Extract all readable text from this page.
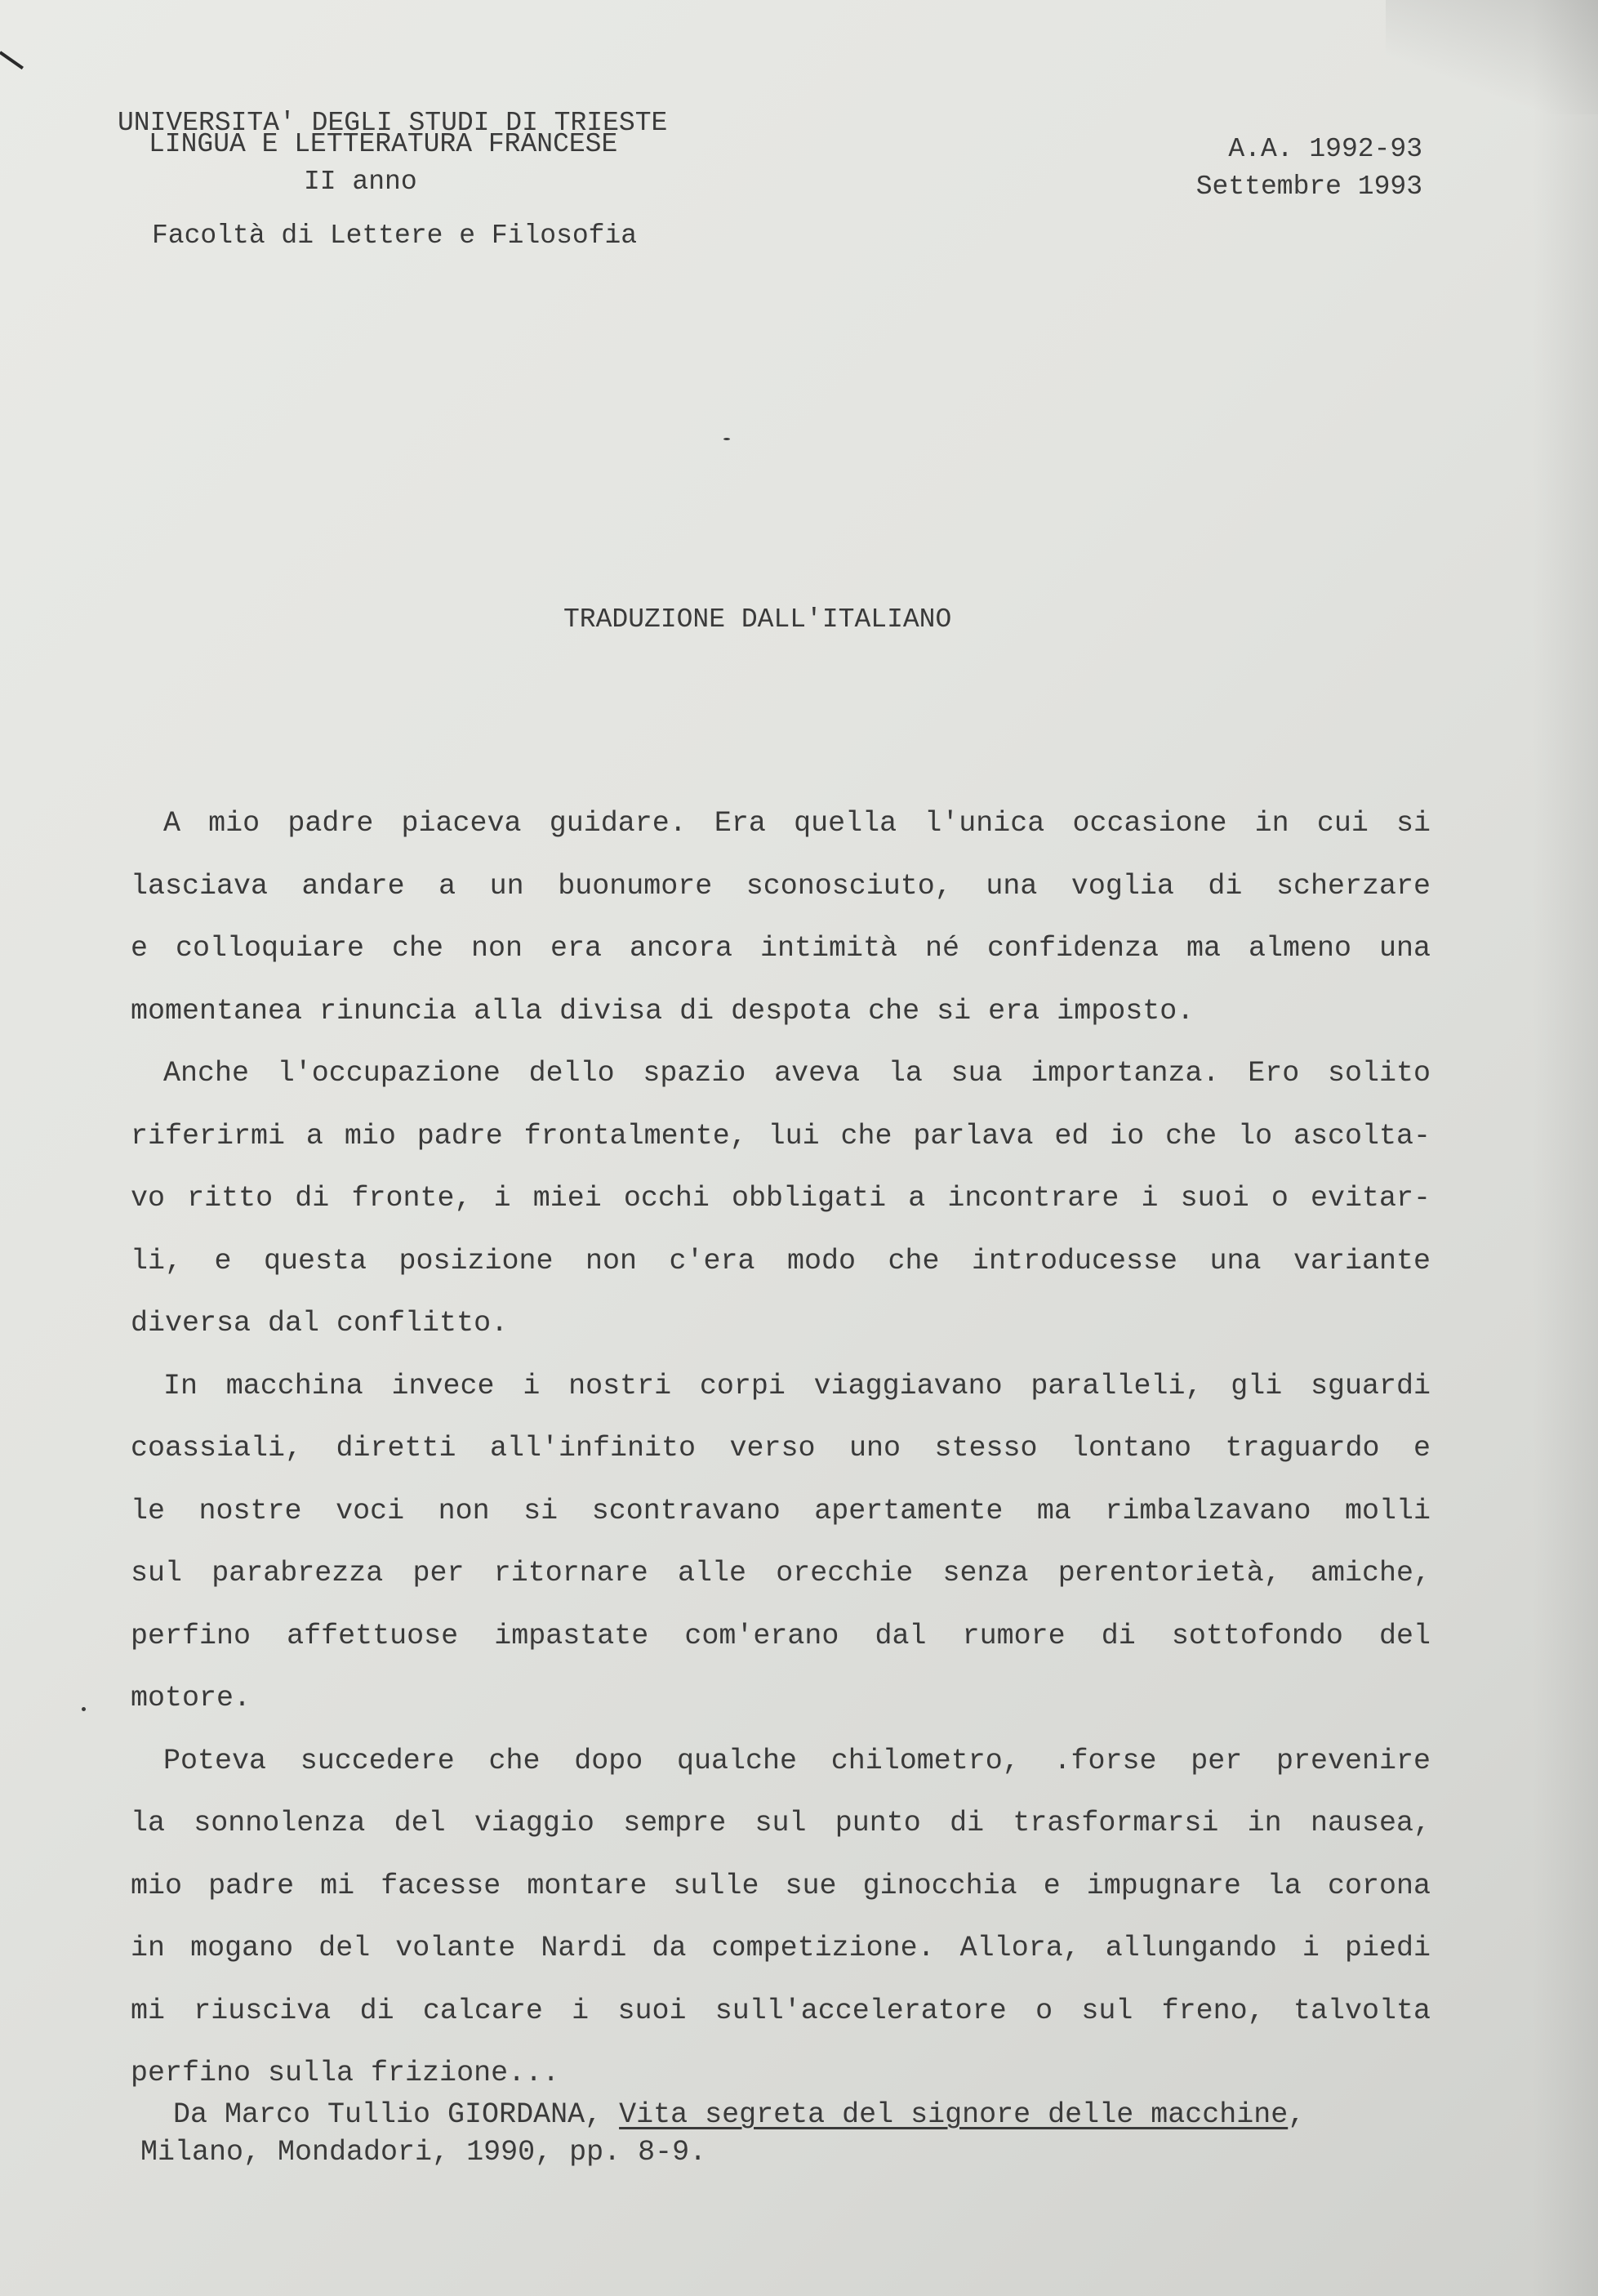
UNIVERSITA' DEGLI STUDI DI TRIESTE

Facoltà di Lettere e Filosofia

LINGUA E LETTERATURA FRANCESE
II anno
A.A. 1992-93
Settembre 1993
TRADUZIONE DALL'ITALIANO
A mio padre piaceva guidare. Era quella l'unica occasione in cui si
lasciava andare a un buonumore sconosciuto, una voglia di scherzare
e colloquiare che non era ancora intimità né confidenza ma almeno una
momentanea rinuncia alla divisa di despota che si era imposto.
Anche l'occupazione dello spazio aveva la sua importanza. Ero solito
riferirmi a mio padre frontalmente, lui che parlava ed io che lo ascolta-
vo ritto di fronte, i miei occhi obbligati a incontrare i suoi o evitar-
li, e questa posizione non c'era modo che introducesse una variante
diversa dal conflitto.
In macchina invece i nostri corpi viaggiavano paralleli, gli sguardi
coassiali, diretti all'infinito verso uno stesso lontano traguardo e
le nostre voci non si scontravano apertamente ma rimbalzavano molli
sul parabrezza per ritornare alle orecchie senza perentorietà, amiche,
perfino affettuose impastate com'erano dal rumore di sottofondo del
motore.
Poteva succedere che dopo qualche chilometro, .forse per prevenire
la sonnolenza del viaggio sempre sul punto di trasformarsi in nausea,
mio padre mi facesse montare sulle sue ginocchia e impugnare la corona
in mogano del volante Nardi da competizione. Allora, allungando i piedi
mi riusciva di calcare i suoi sull'acceleratore o sul freno, talvolta
perfino sulla frizione...
Da Marco Tullio GIORDANA, Vita segreta del signore delle macchine,
Milano, Mondadori, 1990, pp. 8-9.
